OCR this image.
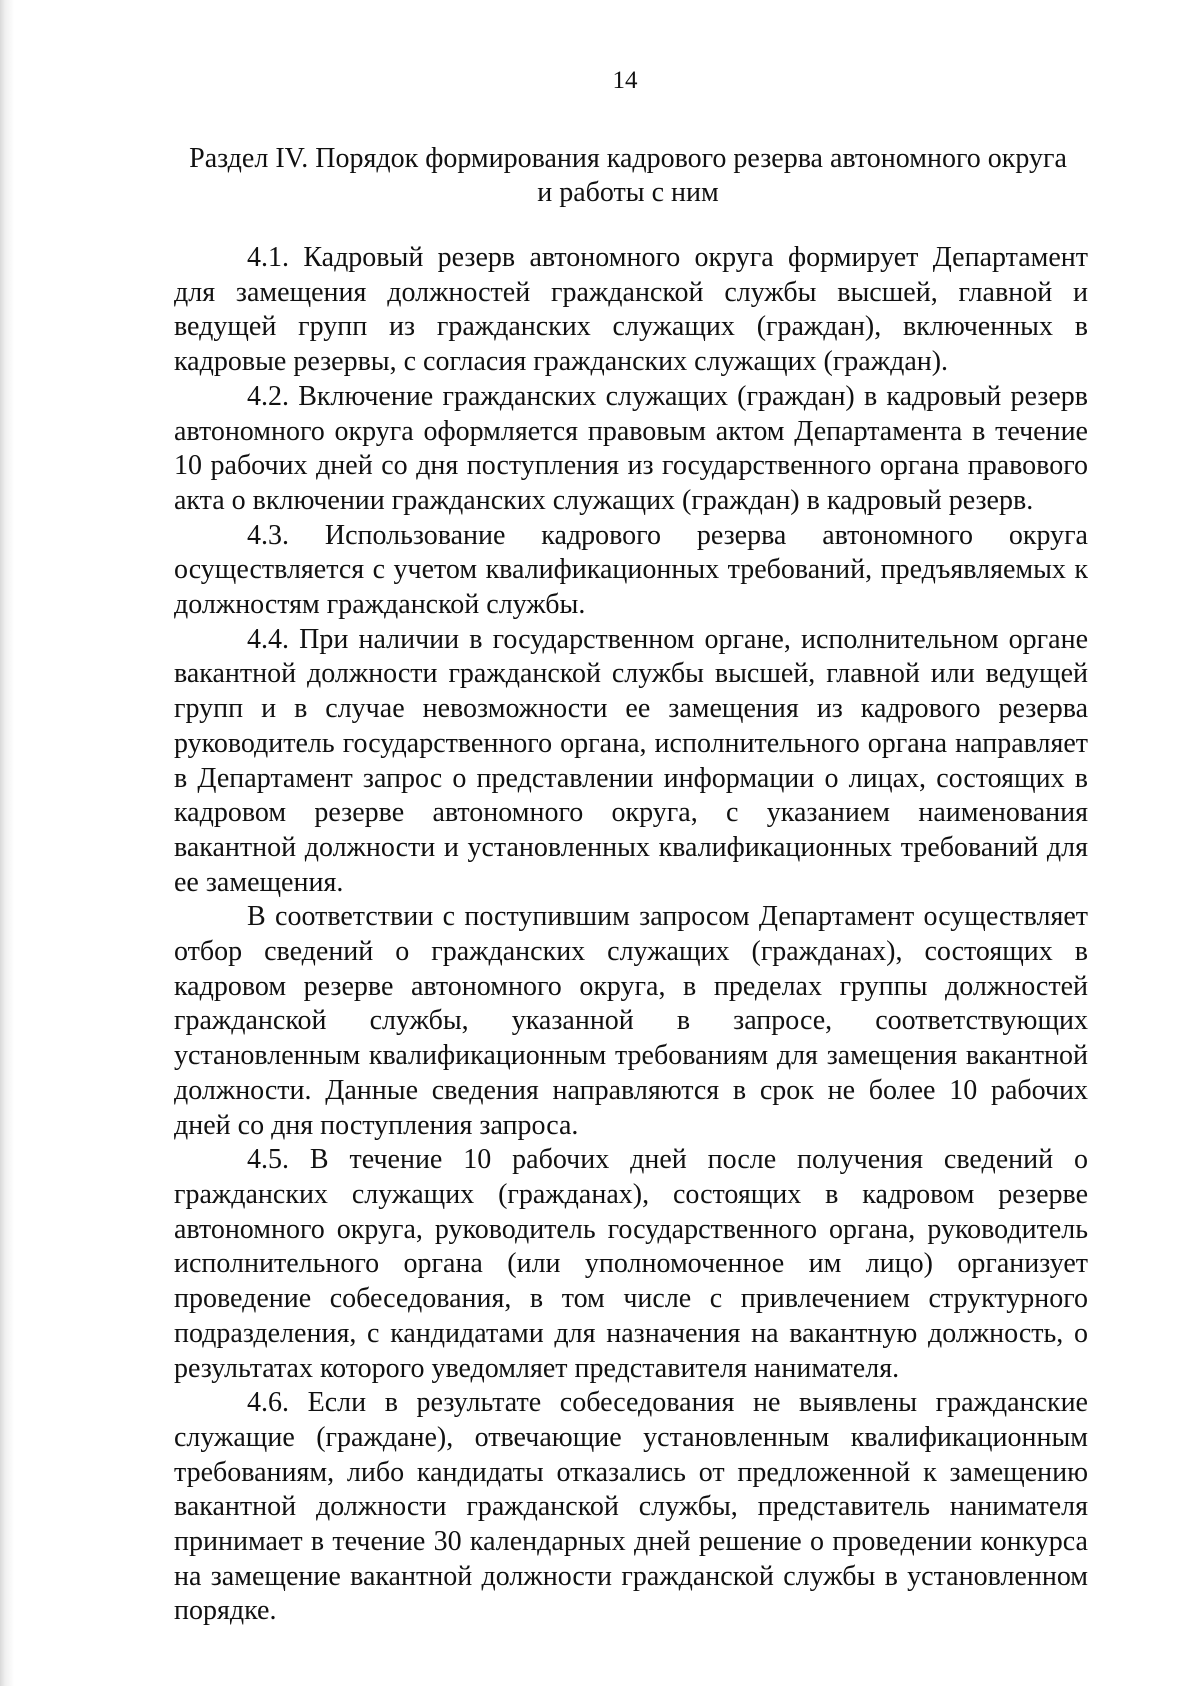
14
Раздел IV. Порядок формирования кадрового резерва автономного округа
и работы с ним

4.1. Кадровый резерв автономного округа формирует Департамент для замещения должностей гражданской службы высшей, главной и ведущей групп из гражданских служащих (граждан), включенных в кадровые резервы, с согласия гражданских служащих (граждан).

4.2. Включение гражданских служащих (граждан) в кадровый резерв автономного округа оформляется правовым актом Департамента в течение 10 рабочих дней со дня поступления из государственного органа правового акта о включении гражданских служащих (граждан) в кадровый резерв.

4.3. Использование кадрового резерва автономного округа осуществляется с учетом квалификационных требований, предъявляемых к должностям гражданской службы.

4.4. При наличии в государственном органе, исполнительном органе вакантной должности гражданской службы высшей, главной или ведущей групп и в случае невозможности ее замещения из кадрового резерва руководитель государственного органа, исполнительного органа направляет в Департамент запрос о представлении информации о лицах, состоящих в кадровом резерве автономного округа, с указанием наименования вакантной должности и установленных квалификационных требований для ее замещения.

В соответствии с поступившим запросом Департамент осуществляет отбор сведений о гражданских служащих (гражданах), состоящих в кадровом резерве автономного округа, в пределах группы должностей гражданской службы, указанной в запросе, соответствующих установленным квалификационным требованиям для замещения вакантной должности. Данные сведения направляются в срок не более 10 рабочих дней со дня поступления запроса.

4.5. В течение 10 рабочих дней после получения сведений о гражданских служащих (гражданах), состоящих в кадровом резерве автономного округа, руководитель государственного органа, руководитель исполнительного органа (или уполномоченное им лицо) организует проведение собеседования, в том числе с привлечением структурного подразделения, с кандидатами для назначения на вакантную должность, о результатах которого уведомляет представителя нанимателя.

4.6. Если в результате собеседования не выявлены гражданские служащие (граждане), отвечающие установленным квалификационным требованиям, либо кандидаты отказались от предложенной к замещению вакантной должности гражданской службы, представитель нанимателя принимает в течение 30 календарных дней решение о проведении конкурса на замещение вакантной должности гражданской службы в установленном порядке.
